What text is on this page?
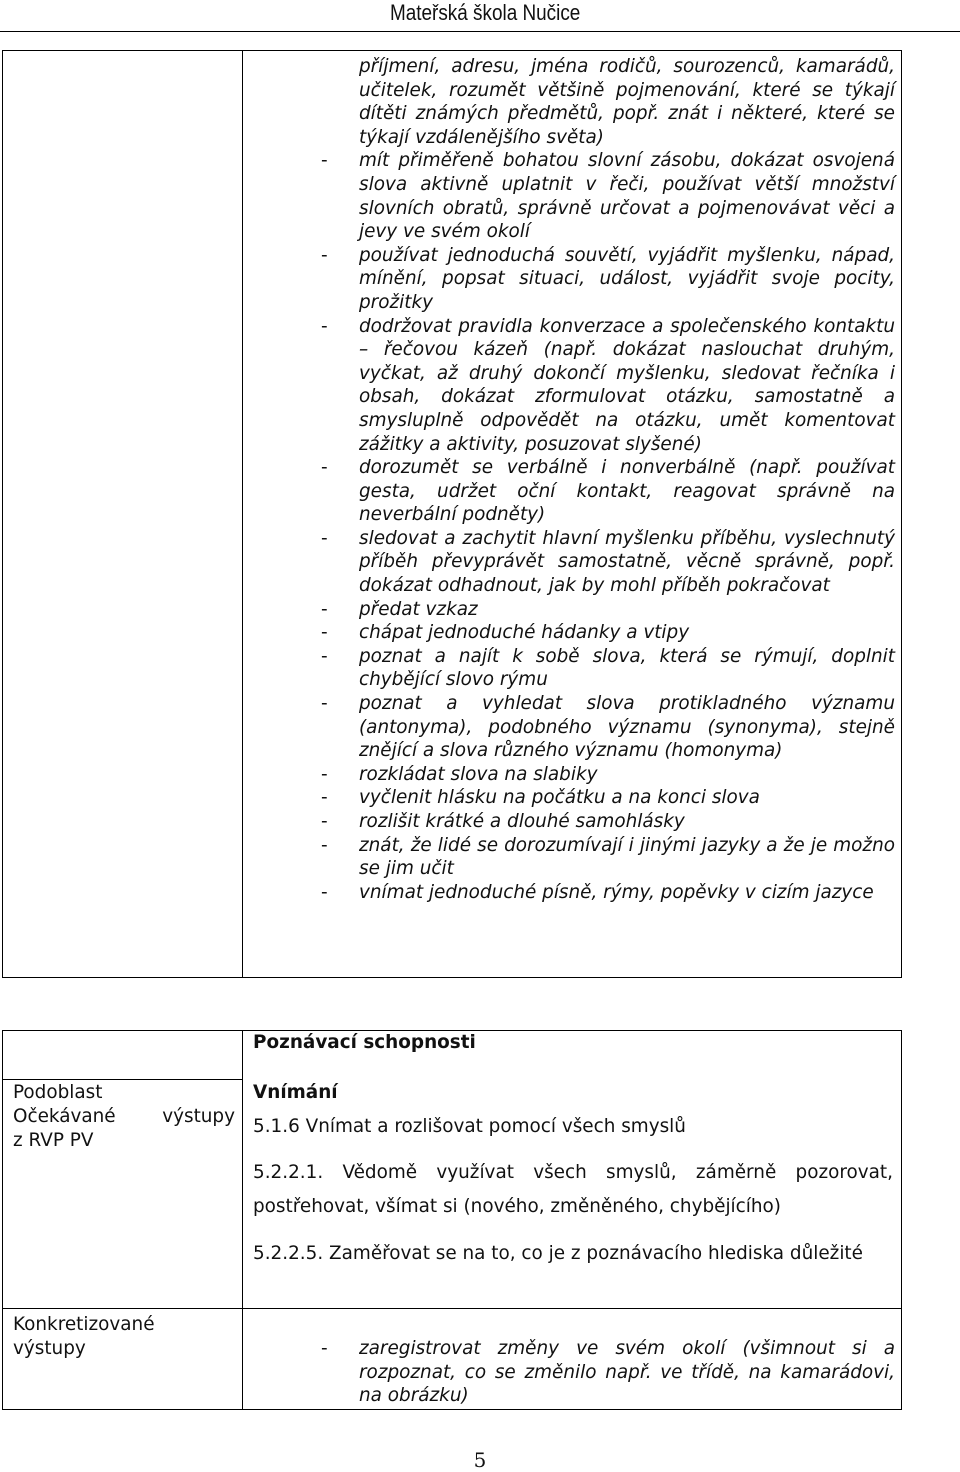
Mateřská škola Nučice
příjmení, adresu, jména rodičů, sourozenců, kamarádů, učitelek, rozumět většině pojmenování, které se týkají dítěti známých předmětů, popř. znát i některé, které se týkají vzdálenějšího světa)
- mít přiměřeně bohatou slovní zásobu, dokázat osvojená slova aktivně uplatnit v řeči, používat větší množství slovních obratů, správně určovat a pojmenovávat věci a jevy ve svém okolí
- používat jednoduchá souvětí, vyjádřit myšlenku, nápad, mínění, popsat situaci, událost, vyjádřit svoje pocity, prožitky
- dodržovat pravidla konverzace a společenského kontaktu – řečovou kázeň (např. dokázat naslouchat druhým, vyčkat, až druhý dokončí myšlenku, sledovat řečníka i obsah, dokázat zformulovat otázku, samostatně a smysluplně odpovědět na otázku, umět komentovat zážitky a aktivity, posuzovat slyšené)
- dorozumět se verbálně i nonverbálně (např. používat gesta, udržet oční kontakt, reagovat správně na neverbální podněty)
- sledovat a zachytit hlavní myšlenku příběhu, vyslechnutý příběh převyprávět samostatně, věcně správně, popř. dokázat odhadnout, jak by mohl příběh pokračovat
- předat vzkaz
- chápat jednoduché hádanky a vtipy
- poznat a najít k sobě slova, která se rýmují, doplnit chybějící slovo rýmu
- poznat a vyhledat slova protikladného významu (antonyma), podobného významu (synonyma), stejně znějící a slova různého významu (homonyma)
- rozkládat slova na slabiky
- vyčlenit hlásku na počátku a na konci slova
- rozlišit krátké a dlouhé samohlásky
- znát, že lidé se dorozumívají i jinými jazyky a že je možno se jim učit
- vnímat jednoduché písně, rýmy, popěvky v cizím jazyce
Poznávací schopnosti
Podoblast
Očekávané výstupy
z RVP PV
Vnímání
5.1.6 Vnímat a rozlišovat pomocí všech smyslů
5.2.2.1. Vědomě využívat všech smyslů, záměrně pozorovat, postřehovat, všímat si (nového, změněného, chybějícího)
5.2.2.5. Zaměřovat se na to, co je z poznávacího hlediska důležité
Konkretizované výstupy	- zaregistrovat změny ve svém okolí (všimnout si a rozpoznat, co se změnilo např. ve třídě, na kamarádovi, na obrázku)
5
